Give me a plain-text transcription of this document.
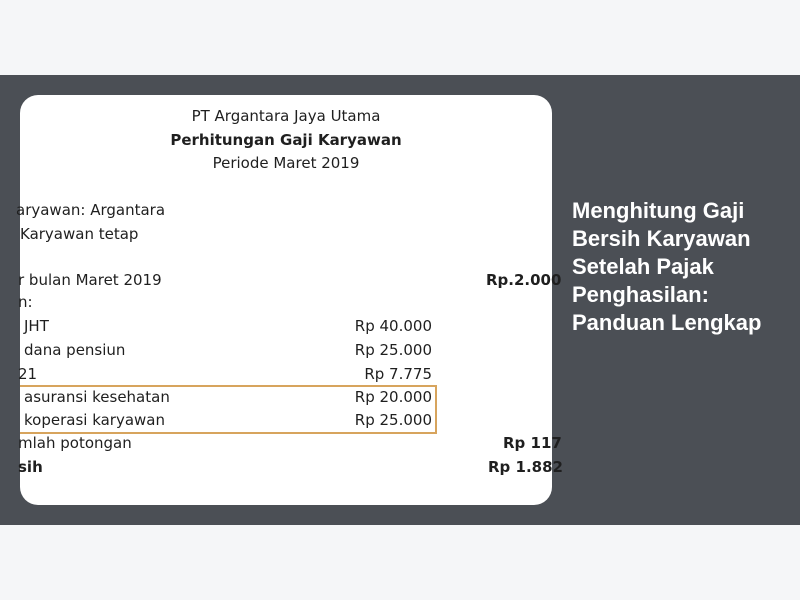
PT Argantara Jaya Utama
Perhitungan Gaji Karyawan
Periode Maret 2019
aryawan: Argantara
Karyawan tetap
r bulan Maret 2019	Rp.2.000
n:
JHT	Rp 40.000
dana pensiun	Rp 25.000
21	Rp 7.775
asuransi kesehatan	Rp 20.000
koperasi karyawan	Rp 25.000
mlah potongan	Rp 117
sih	Rp 1.882
Menghitung Gaji Bersih Karyawan Setelah Pajak Penghasilan: Panduan Lengkap
